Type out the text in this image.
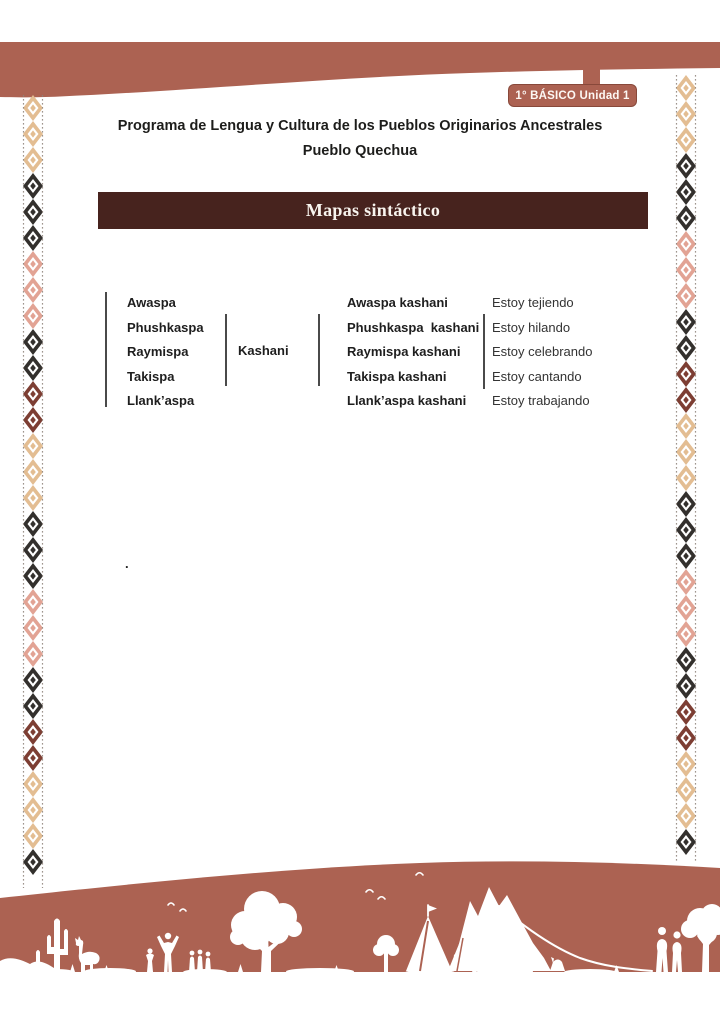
1° BÁSICO Unidad 1
Programa de Lengua y Cultura de los Pueblos Originarios Ancestrales
Pueblo Quechua
Mapas sintáctico
Awaspa
Phushkaspa
Raymispa
Takispa
Llank’aspa
Kashani
Awaspa kashani
Phushkaspa  kashani
Raymispa kashani
Takispa kashani
Llank’aspa kashani
Estoy tejiendo
Estoy hilando
Estoy celebrando
Estoy cantando
Estoy trabajando
.
